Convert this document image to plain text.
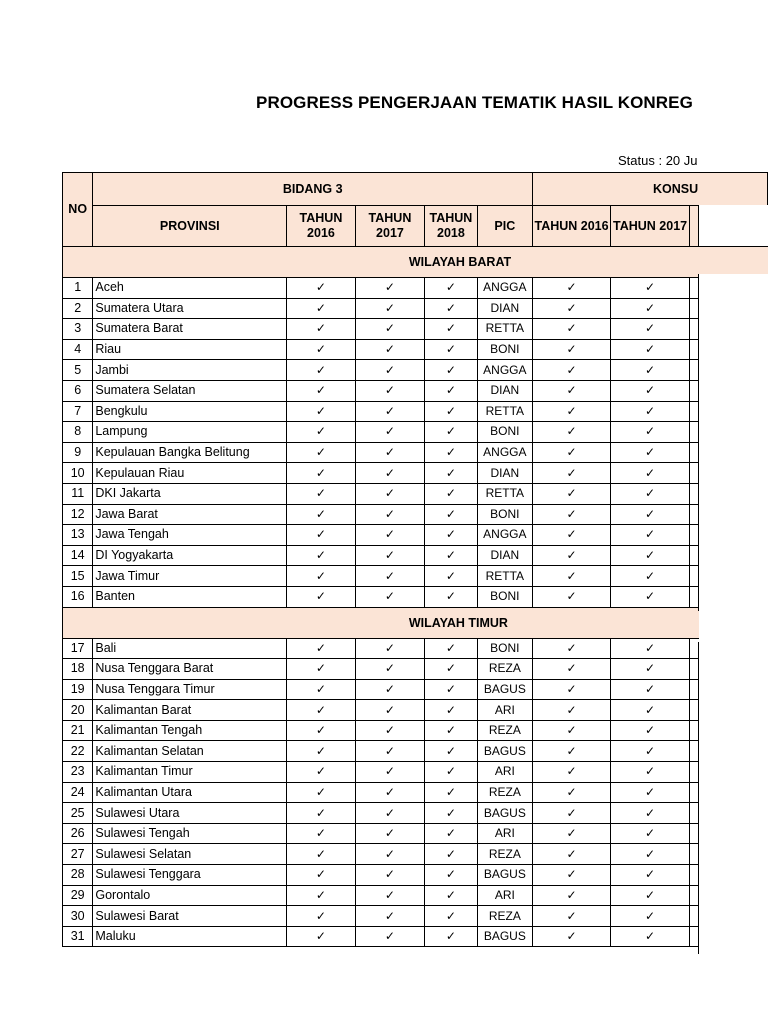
PROGRESS PENGERJAAN TEMATIK HASIL KONREG
Status : 20 Ju
NO	BIDANG 3					KONSU		
	PROVINSI	TAHUN 2016	TAHUN 2017	TAHUN 2018	PIC	TAHUN 2016	TAHUN 2017	
	WILAYAH BARAT							
1	Aceh	✓	✓	✓	ANGGA	✓	✓	
2	Sumatera Utara	✓	✓	✓	DIAN	✓	✓	
3	Sumatera Barat	✓	✓	✓	RETTA	✓	✓	
4	Riau	✓	✓	✓	BONI	✓	✓	
5	Jambi	✓	✓	✓	ANGGA	✓	✓	
6	Sumatera Selatan	✓	✓	✓	DIAN	✓	✓	
7	Bengkulu	✓	✓	✓	RETTA	✓	✓	
8	Lampung	✓	✓	✓	BONI	✓	✓	
9	Kepulauan Bangka Belitung	✓	✓	✓	ANGGA	✓	✓	
10	Kepulauan Riau	✓	✓	✓	DIAN	✓	✓	
11	DKI Jakarta	✓	✓	✓	RETTA	✓	✓	
12	Jawa Barat	✓	✓	✓	BONI	✓	✓	
13	Jawa Tengah	✓	✓	✓	ANGGA	✓	✓	
14	DI Yogyakarta	✓	✓	✓	DIAN	✓	✓	
15	Jawa Timur	✓	✓	✓	RETTA	✓	✓	
16	Banten	✓	✓	✓	BONI	✓	✓	
	WILAYAH TIMUR							
17	Bali	✓	✓	✓	BONI	✓	✓	
18	Nusa Tenggara Barat	✓	✓	✓	REZA	✓	✓	
19	Nusa Tenggara Timur	✓	✓	✓	BAGUS	✓	✓	
20	Kalimantan Barat	✓	✓	✓	ARI	✓	✓	
21	Kalimantan Tengah	✓	✓	✓	REZA	✓	✓	
22	Kalimantan Selatan	✓	✓	✓	BAGUS	✓	✓	
23	Kalimantan Timur	✓	✓	✓	ARI	✓	✓	
24	Kalimantan Utara	✓	✓	✓	REZA	✓	✓	
25	Sulawesi Utara	✓	✓	✓	BAGUS	✓	✓	
26	Sulawesi Tengah	✓	✓	✓	ARI	✓	✓	
27	Sulawesi Selatan	✓	✓	✓	REZA	✓	✓	
28	Sulawesi Tenggara	✓	✓	✓	BAGUS	✓	✓	
29	Gorontalo	✓	✓	✓	ARI	✓	✓	
30	Sulawesi Barat	✓	✓	✓	REZA	✓	✓	
31	Maluku	✓	✓	✓	BAGUS	✓	✓	
